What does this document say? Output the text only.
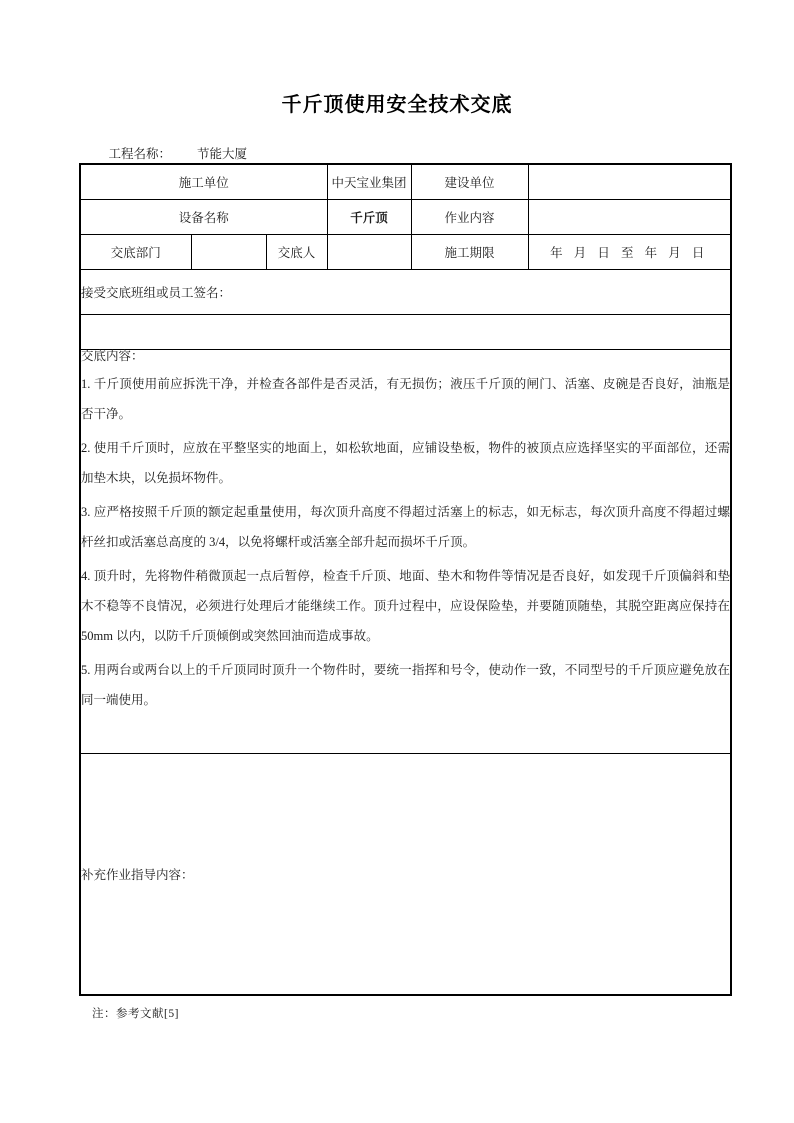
千斤顶使用安全技术交底

工程名称： 节能大厦

施工单位			中天宝业集团	建设单位	
设备名称			千斤顶	作业内容	
交底部门		交底人		施工期限	年 月 日 至 年 月 日
接受交底班组或员工签名：					

交底内容：

1. 千斤顶使用前应拆洗干净，并检查各部件是否灵活，有无损伤；液压千斤顶的闸门、活塞、皮碗是否良好，油瓶是否干净。

2. 使用千斤顶时，应放在平整坚实的地面上，如松软地面，应铺设垫板，物件的被顶点应选择坚实的平面部位，还需加垫木块，以免损坏物件。

3. 应严格按照千斤顶的额定起重量使用，每次顶升高度不得超过活塞上的标志，如无标志，每次顶升高度不得超过螺杆丝扣或活塞总高度的 3/4，以免将螺杆或活塞全部升起而损坏千斤顶。

4. 顶升时，先将物件稍微顶起一点后暂停，检查千斤顶、地面、垫木和物件等情况是否良好，如发现千斤顶偏斜和垫木不稳等不良情况，必须进行处理后才能继续工作。顶升过程中，应设保险垫，并要随顶随垫，其脱空距离应保持在 50mm 以内，以防千斤顶倾倒或突然回油而造成事故。

5. 用两台或两台以上的千斤顶同时顶升一个物件时，要统一指挥和号令，使动作一致，不同型号的千斤顶应避免放在同一端使用。

补充作业指导内容：					
注：参考文献[5]
